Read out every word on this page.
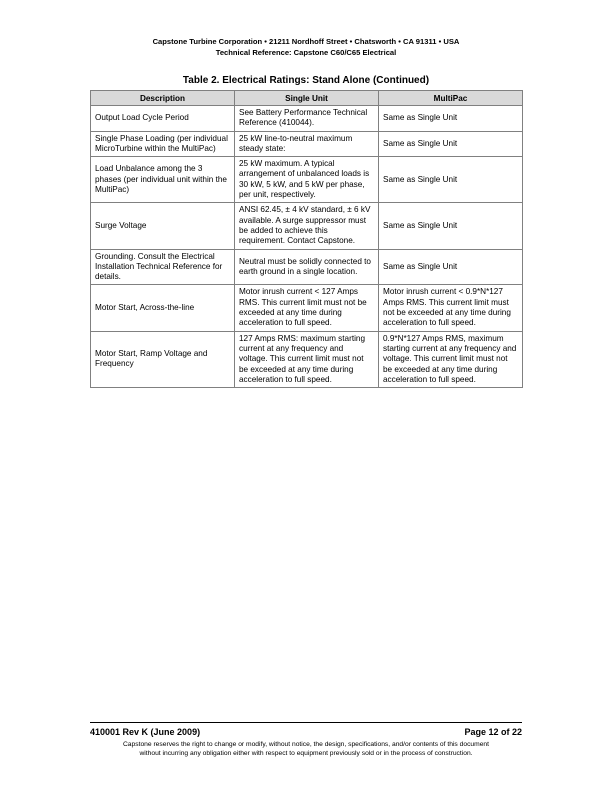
Capstone Turbine Corporation • 21211 Nordhoff Street • Chatsworth • CA 91311 • USA
Technical Reference: Capstone C60/C65 Electrical
Table 2. Electrical Ratings: Stand Alone (Continued)
Description	Single Unit	MultiPac
Output Load Cycle Period	See Battery Performance Technical Reference (410044).	Same as Single Unit
Single Phase Loading (per individual MicroTurbine within the MultiPac)	25 kW line-to-neutral maximum steady state:	Same as Single Unit
Load Unbalance among the 3 phases (per individual unit within the MultiPac)	25 kW maximum. A typical arrangement of unbalanced loads is 30 kW, 5 kW, and 5 kW per phase, per unit, respectively.	Same as Single Unit
Surge Voltage	ANSI 62.45, ± 4 kV standard, ± 6 kV available. A surge suppressor must be added to achieve this requirement. Contact Capstone.	Same as Single Unit
Grounding. Consult the Electrical Installation Technical Reference for details.	Neutral must be solidly connected to earth ground in a single location.	Same as Single Unit
Motor Start, Across-the-line	Motor inrush current < 127 Amps RMS. This current limit must not be exceeded at any time during acceleration to full speed.	Motor inrush current < 0.9*N*127 Amps RMS. This current limit must not be exceeded at any time during acceleration to full speed.
Motor Start, Ramp Voltage and Frequency	127 Amps RMS: maximum starting current at any frequency and voltage. This current limit must not be exceeded at any time during acceleration to full speed.	0.9*N*127 Amps RMS, maximum starting current at any frequency and voltage. This current limit must not be exceeded at any time during acceleration to full speed.
410001 Rev K (June 2009)	Page 12 of 22
Capstone reserves the right to change or modify, without notice, the design, specifications, and/or contents of this document
without incurring any obligation either with respect to equipment previously sold or in the process of construction.
